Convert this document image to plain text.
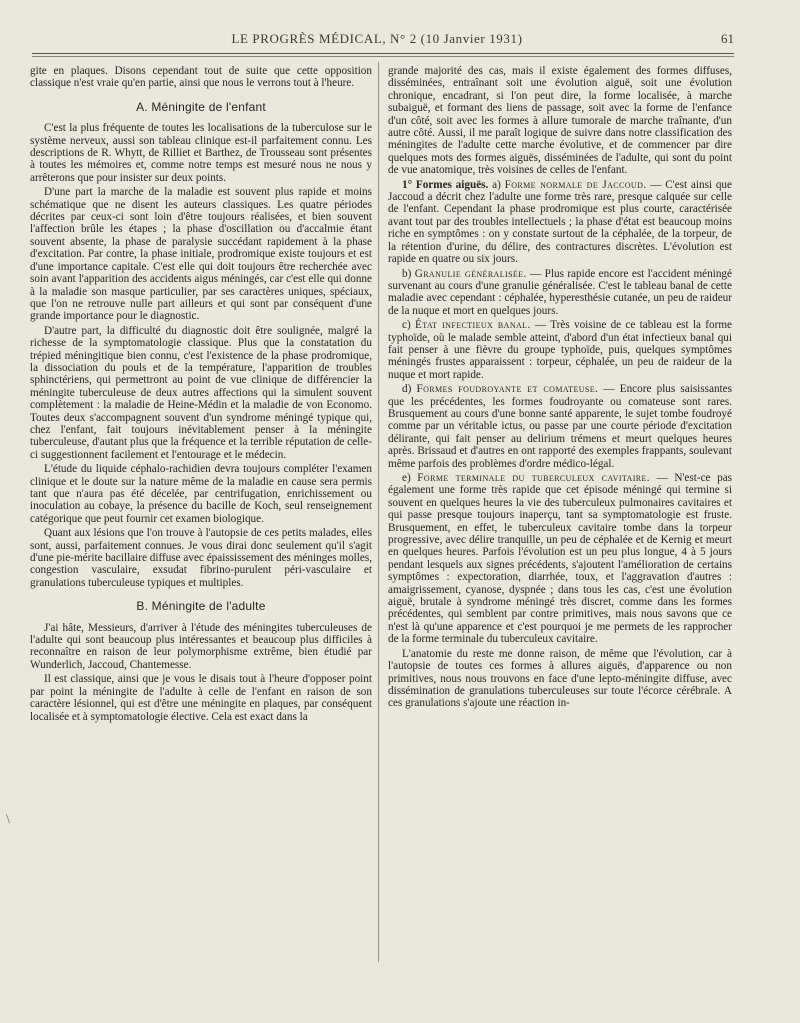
LE PROGRÈS MÉDICAL, N° 2 (10 Janvier 1931)	61

gite en plaques. Disons cependant tout de suite que cette opposition classique n'est vraie qu'en partie, ainsi que nous le verrons tout à l'heure.

A. Méningite de l'enfant

C'est la plus fréquente de toutes les localisations de la tuberculose sur le système nerveux, aussi son tableau clinique est-il parfaitement connu. Les descriptions de R. Whytt, de Rilliet et Barthez, de Trousseau sont présentes à toutes les mémoires et, comme notre temps est mesuré nous ne nous y arrêterons que pour insister sur deux points.

D'une part la marche de la maladie est souvent plus rapide et moins schématique que ne disent les auteurs classiques. Les quatre périodes décrites par ceux-ci sont loin d'être toujours réalisées, et bien souvent l'affection brûle les étapes ; la phase d'oscillation ou d'accalmie étant souvent absente, la phase de paralysie succédant rapidement à la phase d'excitation. Par contre, la phase initiale, prodromique existe toujours et est d'une importance capitale. C'est elle qui doit toujours être recherchée avec soin avant l'apparition des accidents aigus méningés, car c'est elle qui donne à la maladie son masque particulier, par ses caractères uniques, spéciaux, que l'on ne retrouve nulle part ailleurs et qui sont par conséquent d'une grande importance pour le diagnostic.

D'autre part, la difficulté du diagnostic doit être soulignée, malgré la richesse de la symptomatologie classique. Plus que la constatation du trépied méningitique bien connu, c'est l'existence de la phase prodromique, la dissociation du pouls et de la température, l'apparition de troubles sphinctériens, qui permettront au point de vue clinique de différencier la méningite tuberculeuse de deux autres affections qui la simulent souvent complètement : la maladie de Heine-Médin et la maladie de von Economo. Toutes deux s'accompagnent souvent d'un syndrome méningé typique qui, chez l'enfant, fait toujours inévitablement penser à la méningite tuberculeuse, d'autant plus que la fréquence et la terrible réputation de celle-ci suggestionnent facilement et l'entourage et le médecin.

L'étude du liquide céphalo-rachidien devra toujours compléter l'examen clinique et le doute sur la nature même de la maladie en cause sera permis tant que n'aura pas été décelée, par centrifugation, enrichissement ou inoculation au cobaye, la présence du bacille de Koch, seul renseignement catégorique que peut fournir cet examen biologique.

Quant aux lésions que l'on trouve à l'autopsie de ces petits malades, elles sont, aussi, parfaitement connues. Je vous dirai donc seulement qu'il s'agit d'une pie-mérite bacillaire diffuse avec épaississement des méninges molles, congestion vasculaire, exsudat fibrino-purulent péri-vasculaire et granulations tuberculeuse typiques et multiples.

B. Méningite de l'adulte

J'ai hâte, Messieurs, d'arriver à l'étude des méningites tuberculeuses de l'adulte qui sont beaucoup plus intéressantes et beaucoup plus difficiles à reconnaître en raison de leur polymorphisme extrême, bien étudié par Wunderlich, Jaccoud, Chantemesse.

Il est classique, ainsi que je vous le disais tout à l'heure d'opposer point par point la méningite de l'adulte à celle de l'enfant en raison de son caractère lésionnel, qui est d'être une méningite en plaques, par conséquent localisée et à symptomatologie élective. Cela est exact dans la

grande majorité des cas, mais il existe également des formes diffuses, disséminées, entraînant soit une évolution aiguë, soit une évolution chronique, encadrant, si l'on peut dire, la forme localisée, à marche subaiguë, et formant des liens de passage, soit avec la forme de l'enfance d'un côté, soit avec les formes à allure tumorale de marche traînante, d'un autre côté. Aussi, il me paraît logique de suivre dans notre classification des méningites de l'adulte cette marche évolutive, et de commencer par dire quelques mots des formes aiguës, disséminées de l'adulte, qui sont du point de vue anatomique, très voisines de celles de l'enfant.

1° Formes aiguës. a) Forme normale de Jaccoud. — C'est ainsi que Jaccoud a décrit chez l'adulte une forme très rare, presque calquée sur celle de l'enfant. Cependant la phase prodromique est plus courte, caractérisée avant tout par des troubles intellectuels ; la phase d'état est beaucoup moins riche en symptômes : on y constate surtout de la céphalée, de la torpeur, de la rétention d'urine, du délire, des contractures discrètes. L'évolution est rapide en quatre ou six jours.

b) Granulie généralisée. — Plus rapide encore est l'accident méningé survenant au cours d'une granulie généralisée. C'est le tableau banal de cette maladie avec cependant : céphalée, hyperesthésie cutanée, un peu de raideur de la nuque et mort en quelques jours.

c) État infectieux banal. — Très voisine de ce tableau est la forme typhoïde, où le malade semble atteint, d'abord d'un état infectieux banal qui fait penser à une fièvre du groupe typhoïde, puis, quelques symptômes méningés frustes apparaissent : torpeur, céphalée, un peu de raideur de la nuque et mort rapide.

d) Formes foudroyante et comateuse. — Encore plus saisissantes que les précédentes, les formes foudroyante ou comateuse sont rares. Brusquement au cours d'une bonne santé apparente, le sujet tombe foudroyé comme par un véritable ictus, ou passe par une courte période d'excitation délirante, qui fait penser au delirium trémens et meurt quelques heures après. Brissaud et d'autres en ont rapporté des exemples frappants, soulevant même parfois des problèmes d'ordre médico-légal.

e) Forme terminale du tuberculeux cavitaire. — N'est-ce pas également une forme très rapide que cet épisode méningé qui termine si souvent en quelques heures la vie des tuberculeux pulmonaires cavitaires et qui passe presque toujours inaperçu, tant sa symptomatologie est fruste. Brusquement, en effet, le tuberculeux cavitaire tombe dans la torpeur progressive, avec délire tranquille, un peu de céphalée et de Kernig et meurt en quelques heures. Parfois l'évolution est un peu plus longue, 4 à 5 jours pendant lesquels aux signes précédents, s'ajoutent l'amélioration de certains symptômes : expectoration, diarrhée, toux, et l'aggravation d'autres : amaigrissement, cyanose, dyspnée ; dans tous les cas, c'est une évolution aiguë, brutale à syndrome méningé très discret, comme dans les formes précédentes, qui semblent par contre primitives, mais nous savons que ce n'est là qu'une apparence et c'est pourquoi je me permets de les rapprocher de la forme terminale du tuberculeux cavitaire.

L'anatomie du reste me donne raison, de même que l'évolution, car à l'autopsie de toutes ces formes à allures aiguës, d'apparence ou non primitives, nous nous trouvons en face d'une lepto-méningite diffuse, avec dissémination de granulations tuberculeuses sur toute l'écorce cérébrale. A ces granulations s'ajoute une réaction in-

\
